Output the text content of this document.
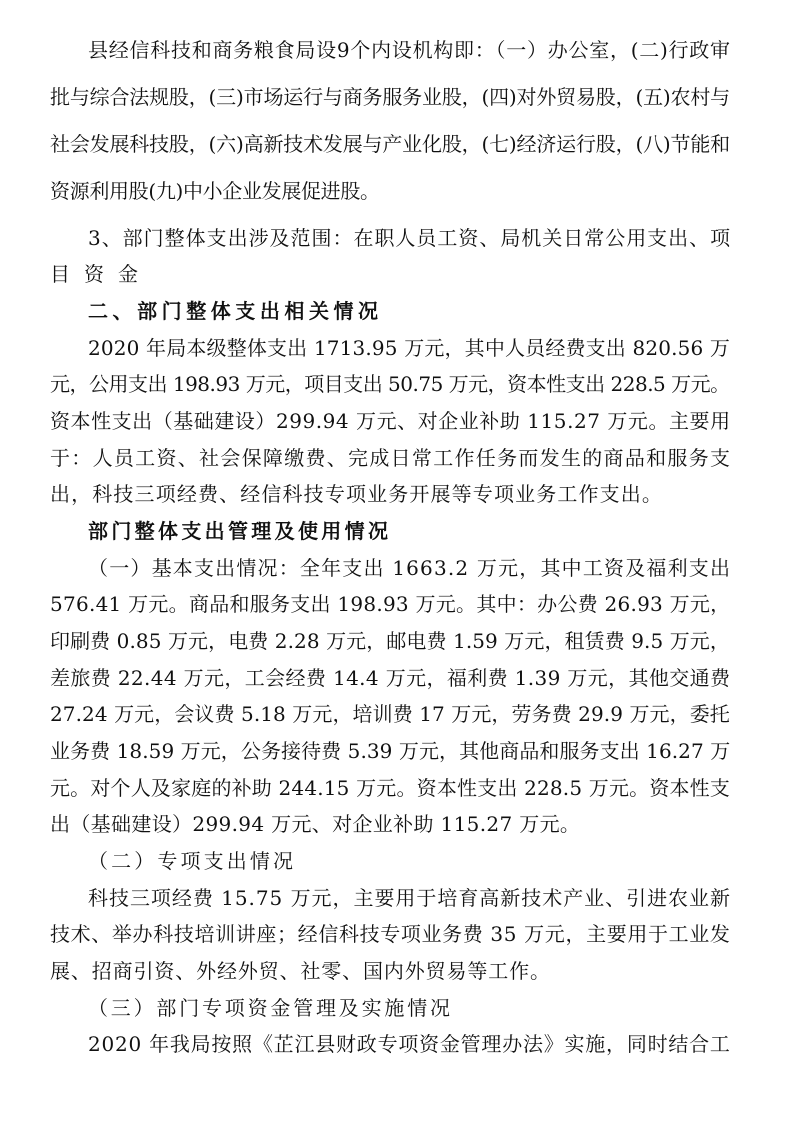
县经信科技和商务粮食局设9个内设机构即：（一）办公室，(二)行政审
批与综合法规股，(三)市场运行与商务服务业股，(四)对外贸易股，(五)农村与
社会发展科技股，(六)高新技术发展与产业化股，(七)经济运行股，(八)节能和
资源利用股(九)中小企业发展促进股。
3、部门整体支出涉及范围：在职人员工资、局机关日常公用支出、项
目资金
二、部门整体支出相关情况
2020 年局本级整体支出 1713.95 万元，其中人员经费支出 820.56 万
元，公用支出 198.93 万元，项目支出 50.75 万元，资本性支出 228.5 万元。
资本性支出（基础建设）299.94 万元、对企业补助 115.27 万元。主要用
于：人员工资、社会保障缴费、完成日常工作任务而发生的商品和服务支
出，科技三项经费、经信科技专项业务开展等专项业务工作支出。
部门整体支出管理及使用情况
（一）基本支出情况：全年支出 1663.2 万元，其中工资及福利支出
576.41 万元。商品和服务支出 198.93 万元。其中：办公费 26.93 万元，
印刷费 0.85 万元，电费 2.28 万元，邮电费 1.59 万元，租赁费 9.5 万元，
差旅费 22.44 万元，工会经费 14.4 万元，福利费 1.39 万元，其他交通费
27.24 万元，会议费 5.18 万元，培训费 17 万元，劳务费 29.9 万元，委托
业务费 18.59 万元，公务接待费 5.39 万元，其他商品和服务支出 16.27 万
元。对个人及家庭的补助 244.15 万元。资本性支出 228.5 万元。资本性支
出（基础建设）299.94 万元、对企业补助 115.27 万元。
（二）专项支出情况
科技三项经费 15.75 万元，主要用于培育高新技术产业、引进农业新
技术、举办科技培训讲座；经信科技专项业务费 35 万元，主要用于工业发
展、招商引资、外经外贸、社零、国内外贸易等工作。
（三）部门专项资金管理及实施情况
2020 年我局按照《芷江县财政专项资金管理办法》实施，同时结合工
